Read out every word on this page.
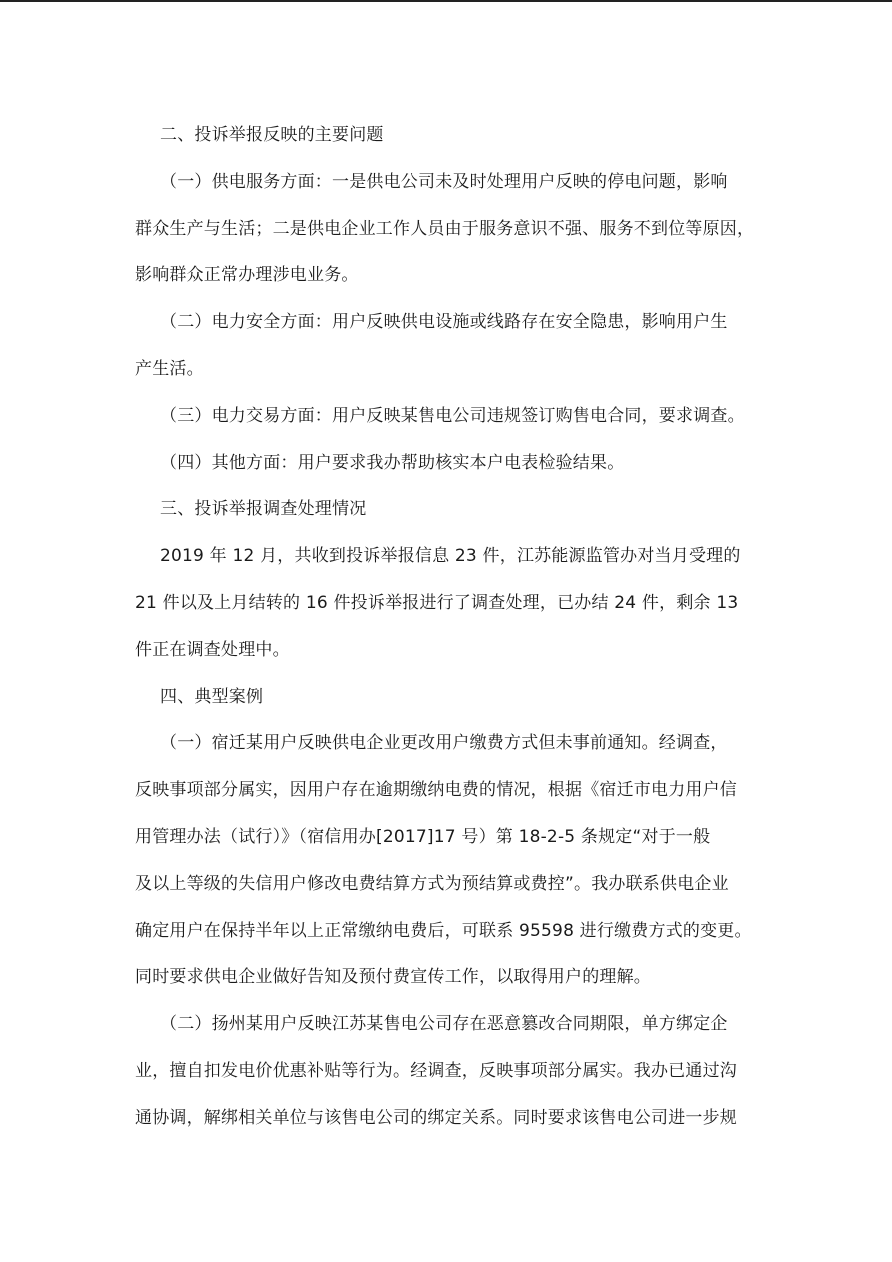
二、投诉举报反映的主要问题
（一）供电服务方面：一是供电公司未及时处理用户反映的停电问题，影响
群众生产与生活；二是供电企业工作人员由于服务意识不强、服务不到位等原因，
影响群众正常办理涉电业务。
（二）电力安全方面：用户反映供电设施或线路存在安全隐患，影响用户生
产生活。
（三）电力交易方面：用户反映某售电公司违规签订购售电合同，要求调查。
（四）其他方面：用户要求我办帮助核实本户电表检验结果。
三、投诉举报调查处理情况
2019 年 12 月，共收到投诉举报信息 23 件，江苏能源监管办对当月受理的
21 件以及上月结转的 16 件投诉举报进行了调查处理，已办结 24 件，剩余 13
件正在调查处理中。
四、典型案例
（一）宿迁某用户反映供电企业更改用户缴费方式但未事前通知。经调查，
反映事项部分属实，因用户存在逾期缴纳电费的情况，根据《宿迁市电力用户信
用管理办法（试行）》（宿信用办[2017]17 号）第 18-2-5 条规定“对于一般
及以上等级的失信用户修改电费结算方式为预结算或费控”。我办联系供电企业
确定用户在保持半年以上正常缴纳电费后，可联系 95598 进行缴费方式的变更。
同时要求供电企业做好告知及预付费宣传工作，以取得用户的理解。
（二）扬州某用户反映江苏某售电公司存在恶意篡改合同期限，单方绑定企
业，擅自扣发电价优惠补贴等行为。经调查，反映事项部分属实。我办已通过沟
通协调，解绑相关单位与该售电公司的绑定关系。同时要求该售电公司进一步规
